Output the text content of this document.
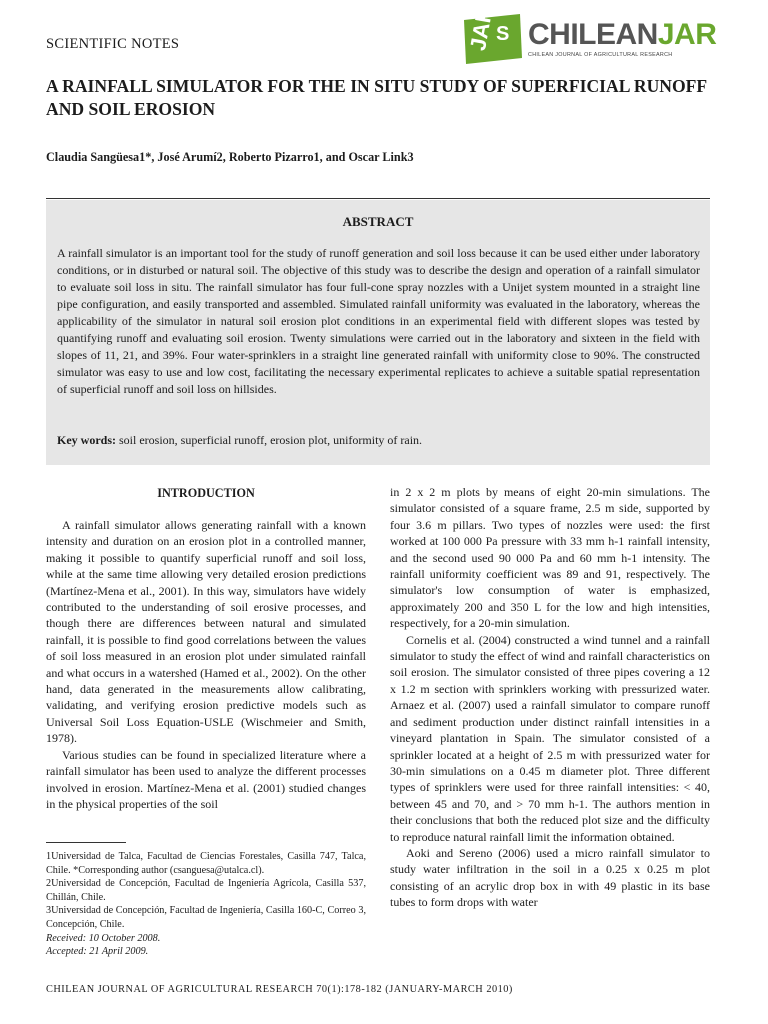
SCIENTIFIC NOTES	JAR
S CHILEANJAR
CHILEAN JOURNAL OF AGRICULTURAL RESEARCH
A RAINFALL SIMULATOR FOR THE IN SITU STUDY OF SUPERFICIAL RUNOFF AND SOIL EROSION
Claudia Sangüesa1*, José Arumí2, Roberto Pizarro1, and Oscar Link3
ABSTRACT
A rainfall simulator is an important tool for the study of runoff generation and soil loss because it can be used either under laboratory conditions, or in disturbed or natural soil. The objective of this study was to describe the design and operation of a rainfall simulator to evaluate soil loss in situ. The rainfall simulator has four full-cone spray nozzles with a Unijet system mounted in a straight line pipe configuration, and easily transported and assembled. Simulated rainfall uniformity was evaluated in the laboratory, whereas the applicability of the simulator in natural soil erosion plot conditions in an experimental field with different slopes was tested by quantifying runoff and evaluating soil erosion. Twenty simulations were carried out in the laboratory and sixteen in the field with slopes of 11, 21, and 39%. Four water-sprinklers in a straight line generated rainfall with uniformity close to 90%. The constructed simulator was easy to use and low cost, facilitating the necessary experimental replicates to achieve a suitable spatial representation of superficial runoff and soil loss on hillsides.
Key words: soil erosion, superficial runoff, erosion plot, uniformity of rain.
INTRODUCTION

A rainfall simulator allows generating rainfall with a known intensity and duration on an erosion plot in a controlled manner, making it possible to quantify superficial runoff and soil loss, while at the same time allowing very detailed erosion predictions (Martínez-Mena et al., 2001). In this way, simulators have widely contributed to the understanding of soil erosive processes, and though there are differences between natural and simulated rainfall, it is possible to find good correlations between the values of soil loss measured in an erosion plot under simulated rainfall and what occurs in a watershed (Hamed et al., 2002). On the other hand, data generated in the measurements allow calibrating, validating, and verifying erosion predictive models such as Universal Soil Loss Equation-USLE (Wischmeier and Smith, 1978).

Various studies can be found in specialized literature where a rainfall simulator has been used to analyze the different processes involved in erosion. Martínez-Mena et al. (2001) studied changes in the physical properties of the soil

in 2 x 2 m plots by means of eight 20-min simulations. The simulator consisted of a square frame, 2.5 m side, supported by four 3.6 m pillars. Two types of nozzles were used: the first worked at 100 000 Pa pressure with 33 mm h-1 rainfall intensity, and the second used 90 000 Pa and 60 mm h-1 intensity. The rainfall uniformity coefficient was 89 and 91, respectively. The simulator's low consumption of water is emphasized, approximately 200 and 350 L for the low and high intensities, respectively, for a 20-min simulation.

Cornelis et al. (2004) constructed a wind tunnel and a rainfall simulator to study the effect of wind and rainfall characteristics on soil erosion. The simulator consisted of three pipes covering a 12 x 1.2 m section with sprinklers working with pressurized water. Arnaez et al. (2007) used a rainfall simulator to compare runoff and sediment production under distinct rainfall intensities in a vineyard plantation in Spain. The simulator consisted of a sprinkler located at a height of 2.5 m with pressurized water for 30-min simulations on a 0.45 m diameter plot. Three different types of sprinklers were used for three rainfall intensities: < 40, between 45 and 70, and > 70 mm h-1. The authors mention in their conclusions that both the reduced plot size and the difficulty to reproduce natural rainfall limit the information obtained.

Aoki and Sereno (2006) used a micro rainfall simulator to study water infiltration in the soil in a 0.25 x 0.25 m plot consisting of an acrylic drop box in with 49 plastic in its base tubes to form drops with water

1Universidad de Talca, Facultad de Ciencias Forestales, Casilla 747, Talca, Chile. *Corresponding author (csanguesa@utalca.cl).

2Universidad de Concepción, Facultad de Ingeniería Agrícola, Casilla 537, Chillán, Chile.

3Universidad de Concepción, Facultad de Ingeniería, Casilla 160-C, Correo 3, Concepción, Chile.

Received: 10 October 2008.

Accepted: 21 April 2009.

CHILEAN JOURNAL OF AGRICULTURAL RESEARCH 70(1):178-182 (JANUARY-MARCH 2010)
